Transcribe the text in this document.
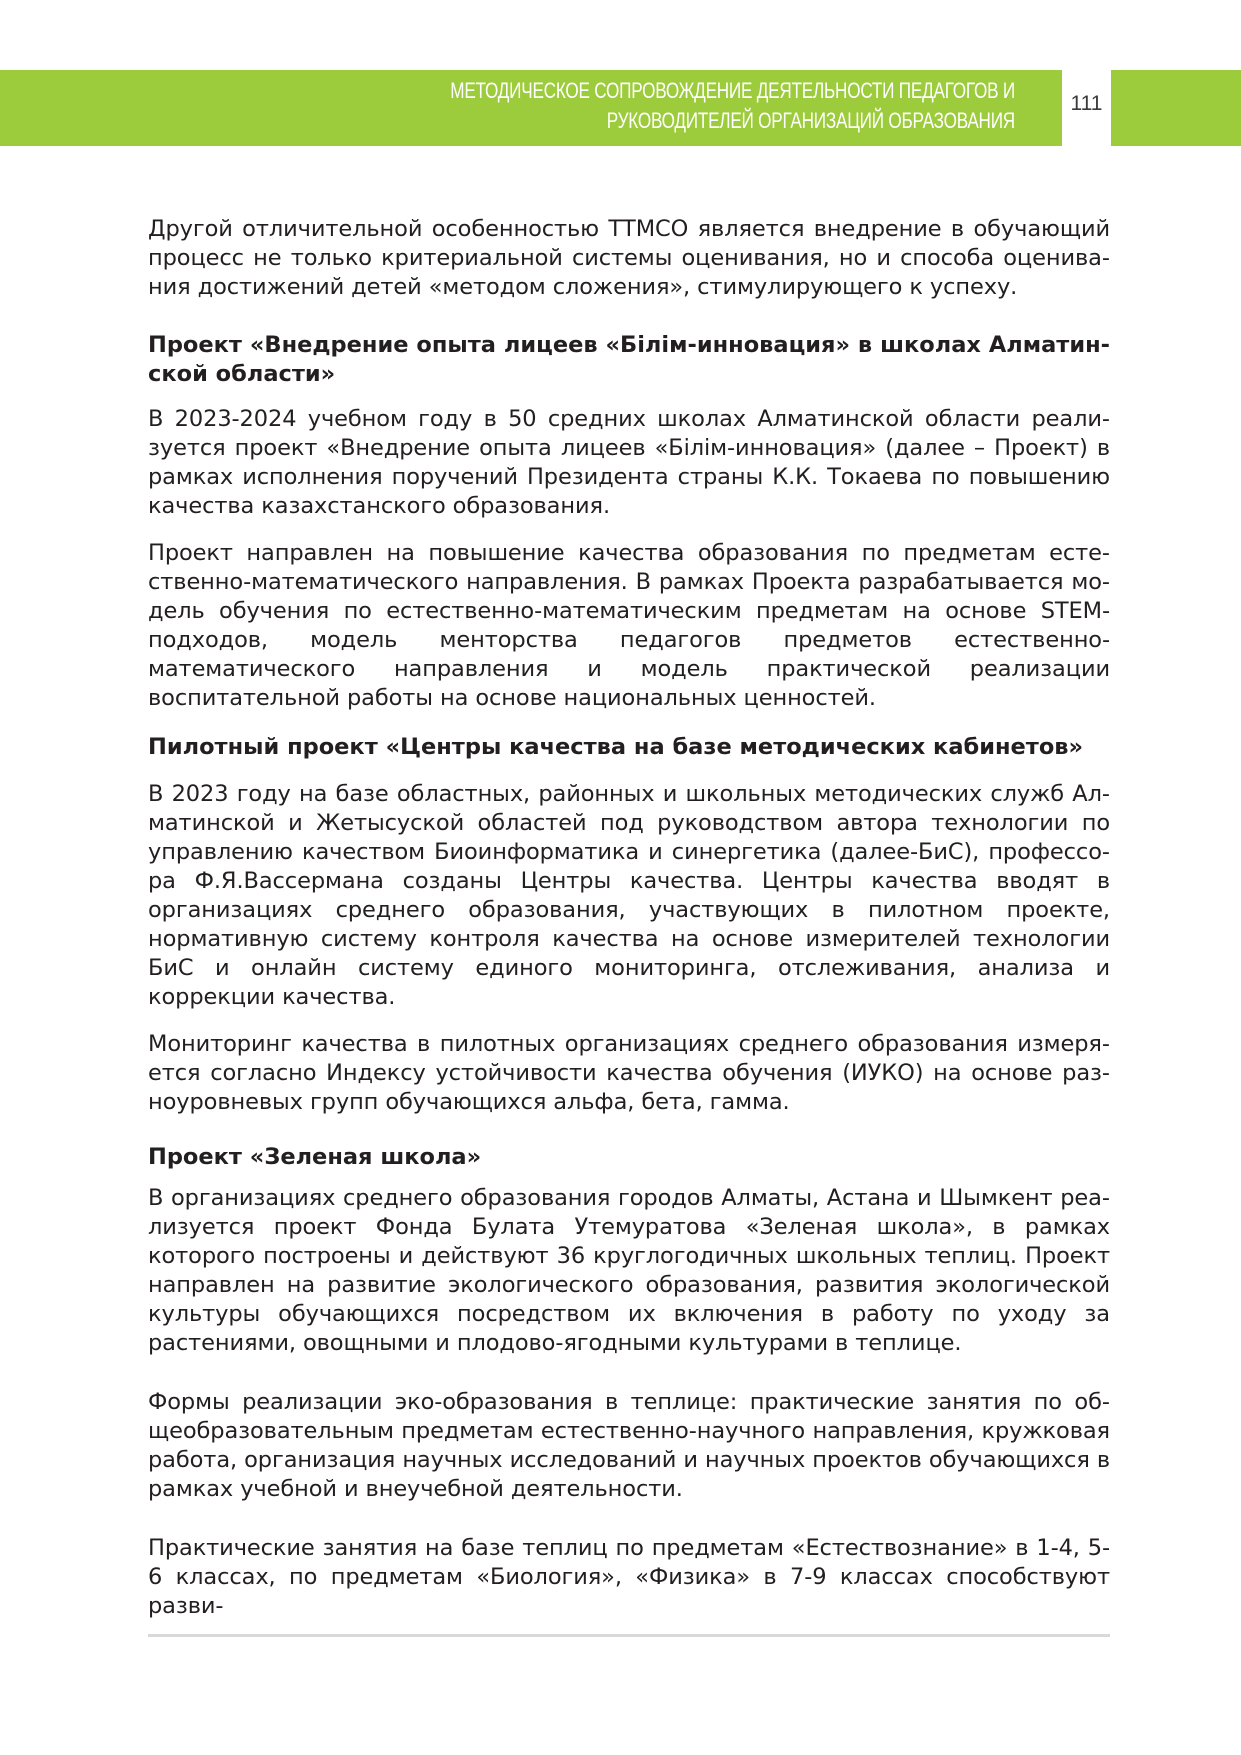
МЕТОДИЧЕСКОЕ СОПРОВОЖДЕНИЕ ДЕЯТЕЛЬНОСТИ ПЕДАГОГОВ И
РУКОВОДИТЕЛЕЙ ОРГАНИЗАЦИЙ ОБРАЗОВАНИЯ
111

Другой отличительной особенностью ТТМСО является внедрение в обучающий процесс не только критериальной системы оценивания, но и способа оценивания достижений детей «методом сложения», стимулирующего к успеху.

Проект «Внедрение опыта лицеев «Білім-инновация» в школах Алматинской области»

В 2023-2024 учебном году в 50 средних школах Алматинской области реализуется проект «Внедрение опыта лицеев «Білім-инновация» (далее – Проект) в рамках исполнения поручений Президента страны К.К. Токаева по повышению качества казахстанского образования.

Проект направлен на повышение качества образования по предметам естественно-математического направления. В рамках Проекта разрабатывается модель обучения по естественно-математическим предметам на основе STEM-подходов, модель менторства педагогов предметов естественно-математического направления и модель практической реализации воспитательной работы на основе национальных ценностей.

Пилотный проект «Центры качества на базе методических кабинетов»

В 2023 году на базе областных, районных и школьных методических служб Алматинской и Жетысуской областей под руководством автора технологии по управлению качеством Биоинформатика и синергетика (далее-БиС), профессора Ф.Я.Вассермана созданы Центры качества. Центры качества вводят в организациях среднего образования, участвующих в пилотном проекте, нормативную систему контроля качества на основе измерителей технологии БиС и онлайн систему единого мониторинга, отслеживания, анализа и коррекции качества.

Мониторинг качества в пилотных организациях среднего образования измеряется согласно Индексу устойчивости качества обучения (ИУКО) на основе разноуровневых групп обучающихся альфа, бета, гамма.

Проект «Зеленая школа»

В организациях среднего образования городов Алматы, Астана и Шымкент реализуется проект Фонда Булата Утемуратова «Зеленая школа», в рамках которого построены и действуют 36 круглогодичных школьных теплиц. Проект направлен на развитие экологического образования, развития экологической культуры обучающихся посредством их включения в работу по уходу за растениями, овощными и плодово-ягодными культурами в теплице.

Формы реализации эко-образования в теплице: практические занятия по общеобразовательным предметам естественно-научного направления, кружковая работа, организация научных исследований и научных проектов обучающихся в рамках учебной и внеучебной деятельности.

Практические занятия на базе теплиц по предметам «Естествознание» в 1-4, 5-6 классах, по предметам «Биология», «Физика» в 7-9 классах способствуют разви-
